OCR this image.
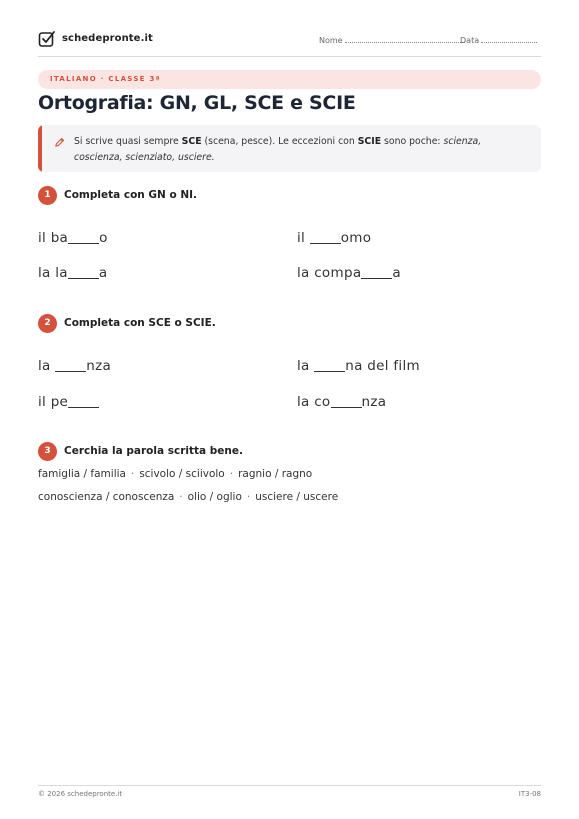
schedepronte.it	Nome	Data
ITALIANO · CLASSE 3ª
Ortografia: GN, GL, SCE e SCIE
Si scrive quasi sempre SCE (scena, pesce). Le eccezioni con SCIE sono poche: scienza, coscienza, scienziato, usciere.
1	Completa con GN o NI.
il ba o	il omo
la la a	la compa a
2	Completa con SCE o SCIE.
la nza	la na del film
il pe	la co nza
3	Cerchia la parola scritta bene.
famiglia / familia · scivolo / sciivolo · ragnio / ragno
conoscienza / conoscenza · olio / oglio · usciere / uscere
© 2026 schedepronte.it	IT3-08
